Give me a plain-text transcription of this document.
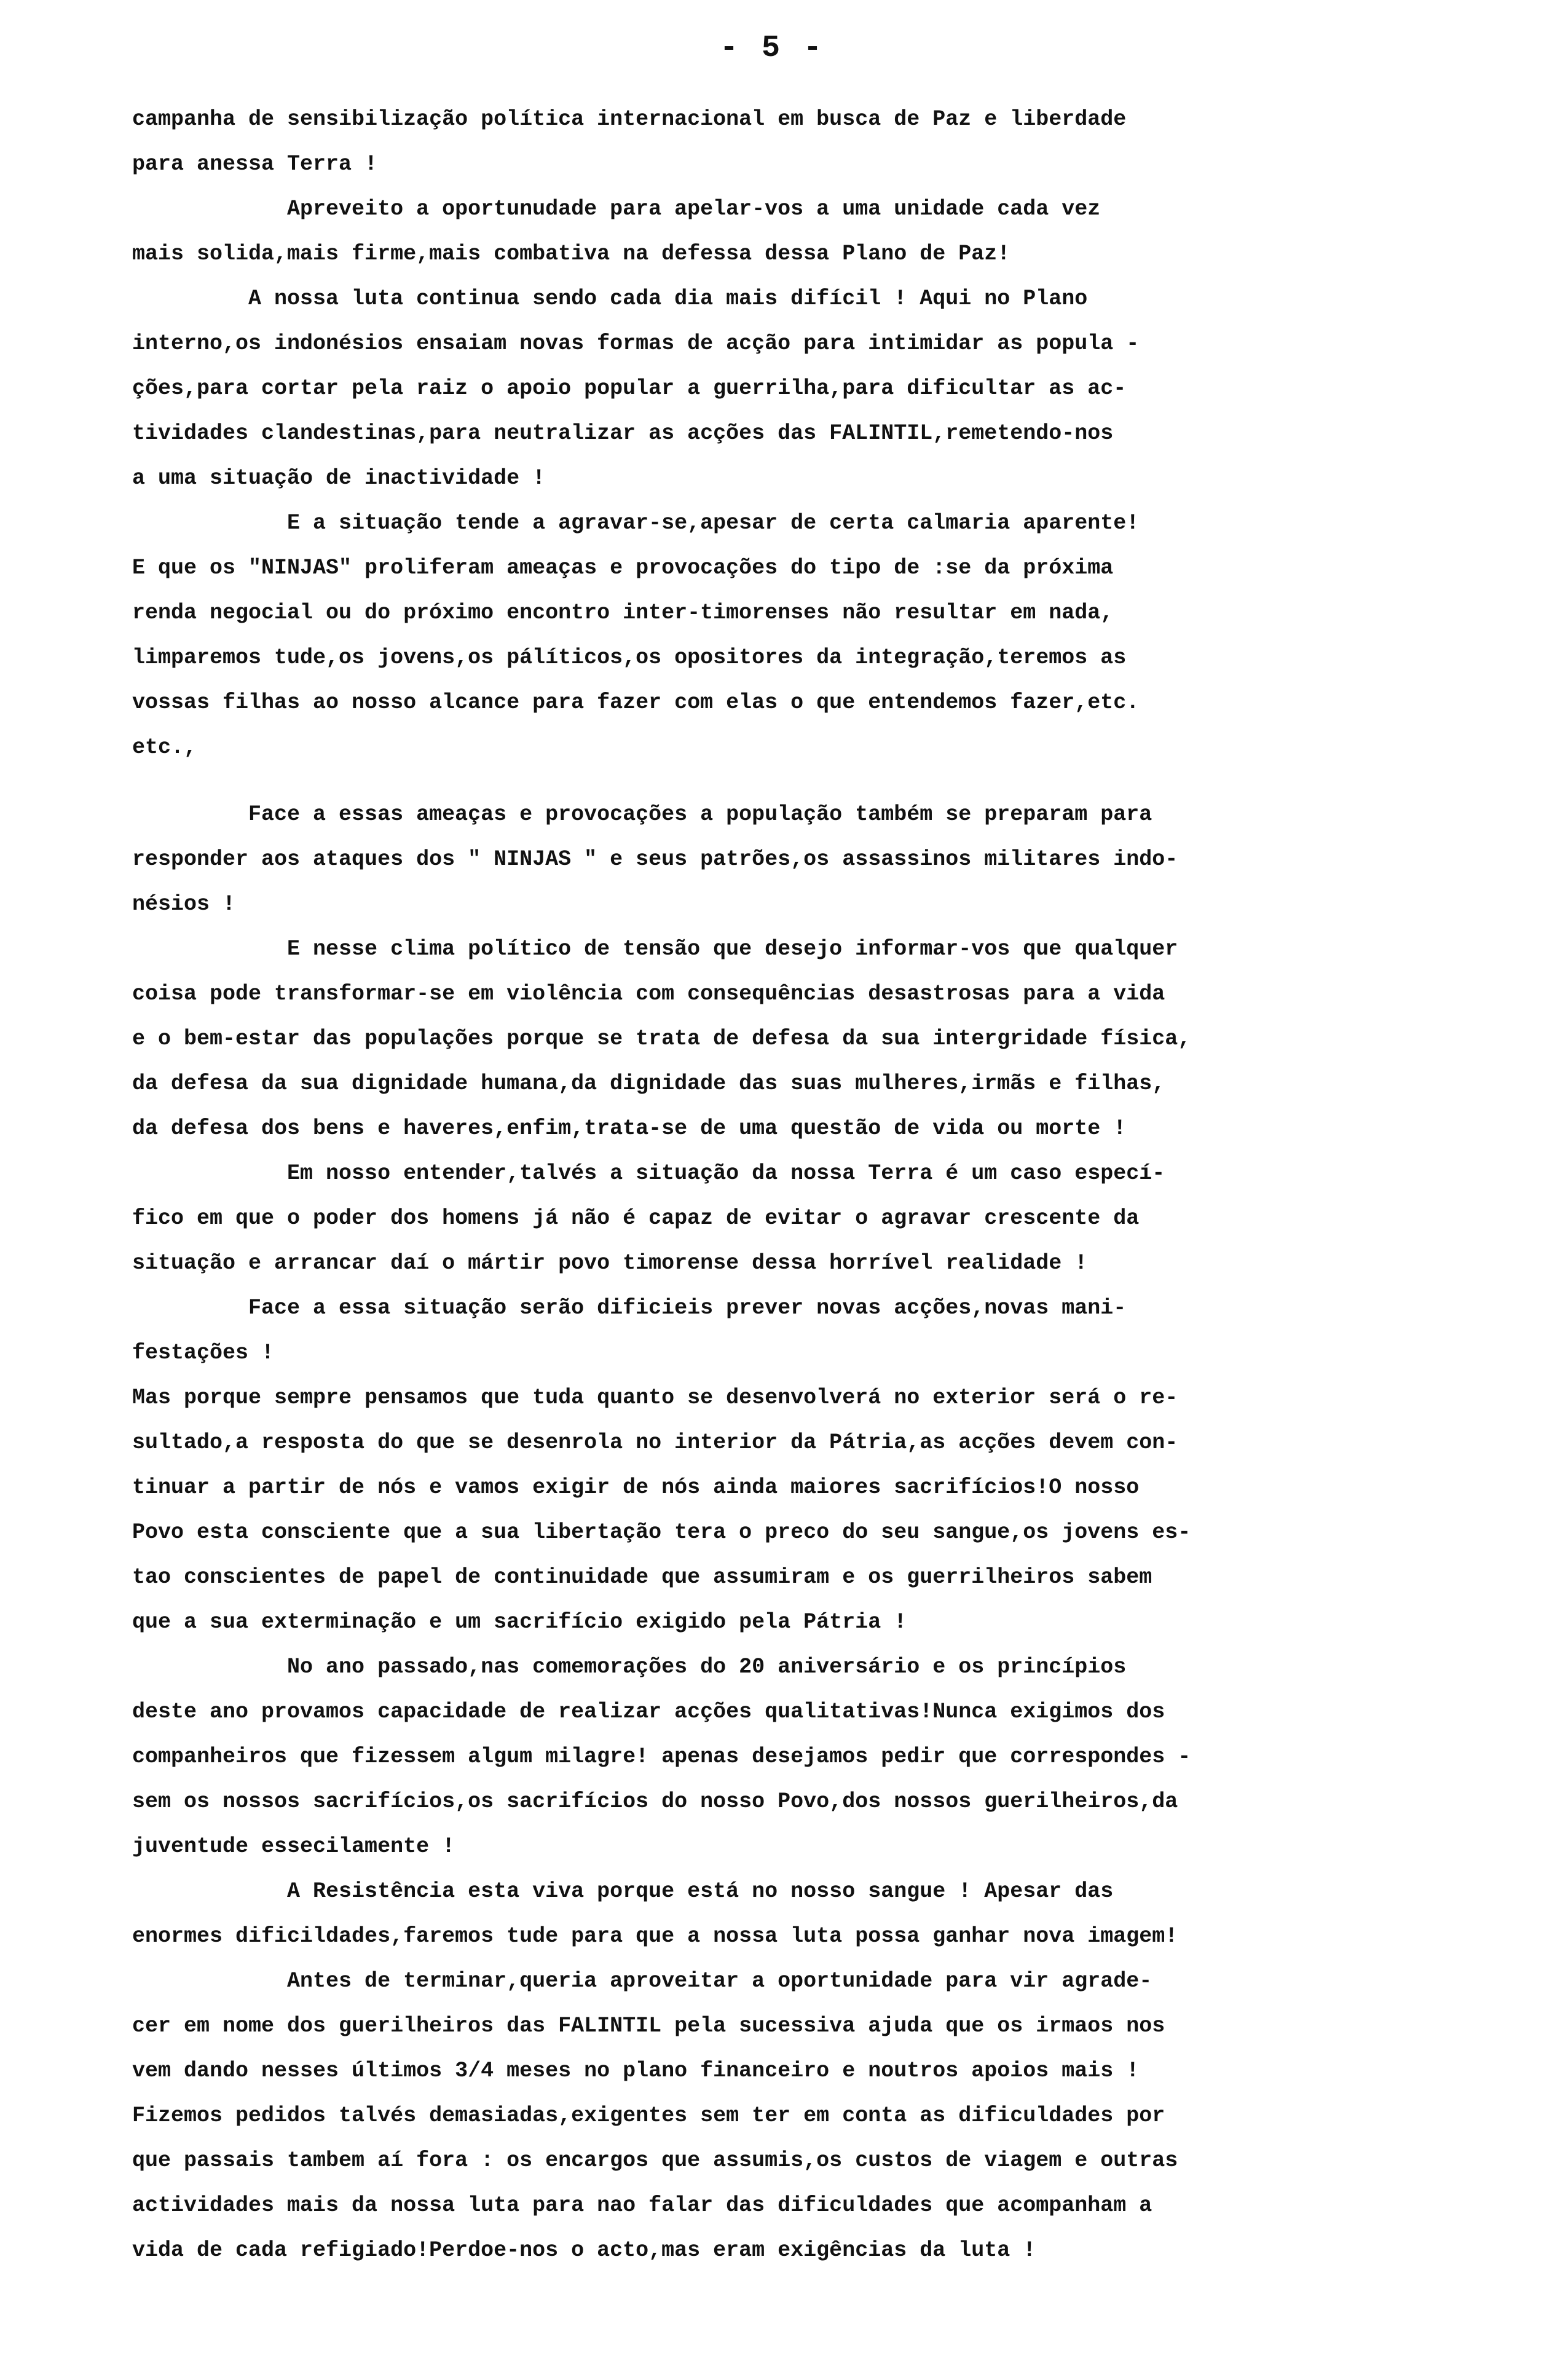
- 5 -
campanha de sensibilização política internacional em busca de Paz e liberdade
para anessa Terra !
Apreveito a oportunudade para apelar-vos a uma unidade cada vez
mais solida,mais firme,mais combativa na defessa dessa Plano de Paz!
A nossa luta continua sendo cada dia mais difícil ! Aqui no Plano
interno,os indonésios ensaiam novas formas de acção para intimidar as popula -
ções,para cortar pela raiz o apoio popular a guerrilha,para dificultar as ac-
tividades clandestinas,para neutralizar as acções das FALINTIL,remetendo-nos
a uma situação de inactividade !
E a situação tende a agravar-se,apesar de certa calmaria aparente!
E que os "NINJAS" proliferam ameaças e provocações do tipo de :se da próxima
renda negocial ou do próximo encontro inter-timorenses não resultar em nada,
limparemos tude,os jovens,os pálíticos,os opositores da integração,teremos as
vossas filhas ao nosso alcance para fazer com elas o que entendemos fazer,etc.
etc.,
Face a essas ameaças e provocações a população também se preparam para
responder aos ataques dos " NINJAS " e seus patrões,os assassinos militares indo-
nésios !
E nesse clima político de tensão que desejo informar-vos que qualquer
coisa pode transformar-se em violência com consequências desastrosas para a vida
e o bem-estar das populações porque se trata de defesa da sua intergridade física,
da defesa da sua dignidade humana,da dignidade das suas mulheres,irmãs e filhas,
da defesa dos bens e haveres,enfim,trata-se de uma questão de vida ou morte !
Em nosso entender,talvés a situação da nossa Terra é um caso especí-
fico em que o poder dos homens já não é capaz de evitar o agravar crescente da
situação e arrancar daí o mártir povo timorense dessa horrível realidade !
Face a essa situação serão dificieis prever novas acções,novas mani-
festações !
Mas porque sempre pensamos que tuda quanto se desenvolverá no exterior será o re-
sultado,a resposta do que se desenrola no interior da Pátria,as acções devem con-
tinuar a partir de nós e vamos exigir de nós ainda maiores sacrifícios!O nosso
Povo esta consciente que a sua libertação tera o preco do seu sangue,os jovens es-
tao conscientes de papel de continuidade que assumiram e os guerrilheiros sabem
que a sua exterminação e um sacrifício exigido pela Pátria !
No ano passado,nas comemorações do 20 aniversário e os princípios
deste ano provamos capacidade de realizar acções qualitativas!Nunca exigimos dos
companheiros que fizessem algum milagre! apenas desejamos pedir que correspondes -
sem os nossos sacrifícios,os sacrifícios do nosso Povo,dos nossos guerilheiros,da
juventude essecilamente !
A Resistência esta viva porque está no nosso sangue ! Apesar das
enormes dificildades,faremos tude para que a nossa luta possa ganhar nova imagem!
Antes de terminar,queria aproveitar a oportunidade para vir agrade-
cer em nome dos guerilheiros das FALINTIL pela sucessiva ajuda que os irmaos nos
vem dando nesses últimos 3/4 meses no plano financeiro e noutros apoios mais !
Fizemos pedidos talvés demasiadas,exigentes sem ter em conta as dificuldades por
que passais tambem aí fora : os encargos que assumis,os custos de viagem e outras
actividades mais da nossa luta para nao falar das dificuldades que acompanham a
vida de cada refigiado!Perdoe-nos o acto,mas eram exigências da luta !
